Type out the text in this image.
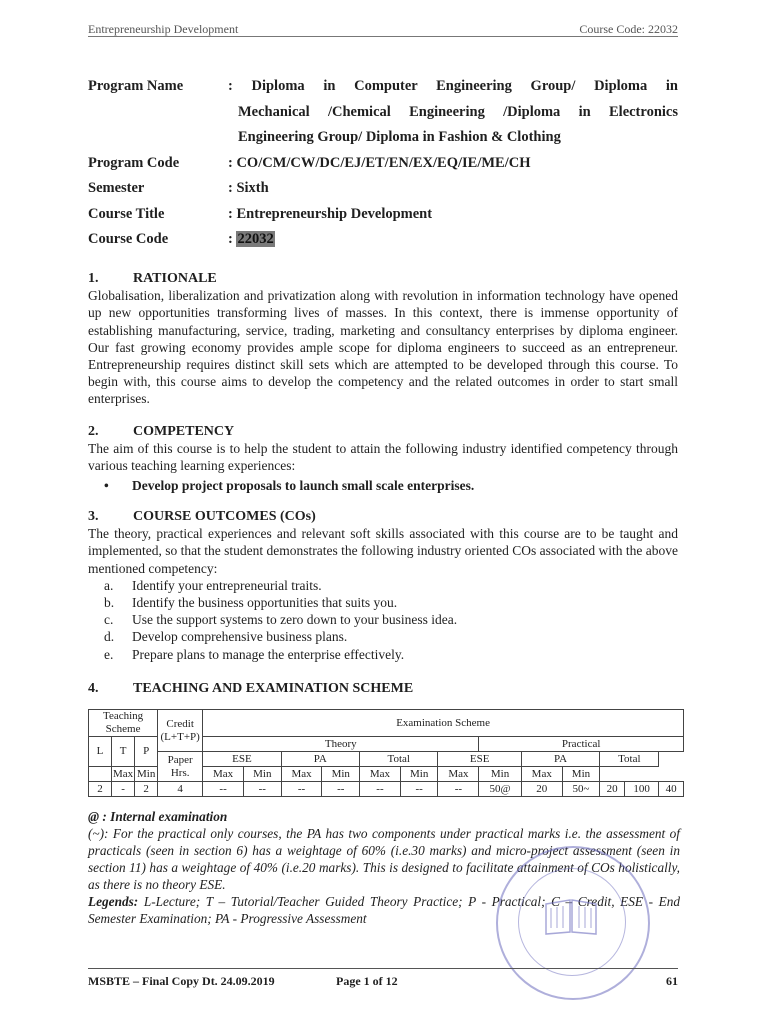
Entrepreneurship Development	Course Code: 22032
Program Name	: Diploma in Computer Engineering Group/ Diploma in
Mechanical /Chemical Engineering /Diploma in Electronics
Engineering Group/ Diploma in Fashion & Clothing
Program Code	: CO/CM/CW/DC/EJ/ET/EN/EX/EQ/IE/ME/CH
Semester	: Sixth
Course Title	: Entrepreneurship Development
Course Code	: 22032
1.	RATIONALE

Globalisation, liberalization and privatization along with revolution in information technology have opened up new opportunities transforming lives of masses. In this context, there is immense opportunity of establishing manufacturing, service, trading, marketing and consultancy enterprises by diploma engineer. Our fast growing economy provides ample scope for diploma engineers to succeed as an entrepreneur. Entrepreneurship requires distinct skill sets which are attempted to be developed through this course. To begin with, this course aims to develop the competency and the related outcomes in order to start small enterprises.

2.	COMPETENCY

The aim of this course is to help the student to attain the following industry identified competency through various teaching learning experiences:

•	Develop project proposals to launch small scale enterprises.
3.	COURSE OUTCOMES (COs)

The theory, practical experiences and relevant soft skills associated with this course are to be taught and implemented, so that the student demonstrates the following industry oriented COs associated with the above mentioned competency:

a.	Identify your entrepreneurial traits.
b.	Identify the business opportunities that suits you.
c.	Use the support systems to zero down to your business idea.
d.	Develop comprehensive business plans.
e.	Prepare plans to manage the enterprise effectively.
4.	TEACHING AND EXAMINATION SCHEME
Teaching Scheme			Credit (L+T+P)	Examination Scheme												
L	T	P														
				Theory							Practical					
			Paper Hrs.	ESE		PA		Total		ESE		PA		Total		
	Max	Min		Max	Min	Max	Min	Max	Min	Max	Min	Max	Min			
2	-	2	4	--	--	--	--	--	--	--	50@	20	50~	20	100	40

@ : Internal examination

(~): For the practical only courses, the PA has two components under practical marks i.e. the assessment of practicals (seen in section 6) has a weightage of 60% (i.e.30 marks) and micro-project assessment (seen in section 11) has a weightage of 40% (i.e.20 marks). This is designed to facilitate attainment of COs holistically, as there is no theory ESE.

Legends: L-Lecture; T – Tutorial/Teacher Guided Theory Practice; P - Practical; C – Credit, ESE - End Semester Examination; PA - Progressive Assessment

MSBTE – Final Copy Dt. 24.09.2019	Page 1 of 12	61
